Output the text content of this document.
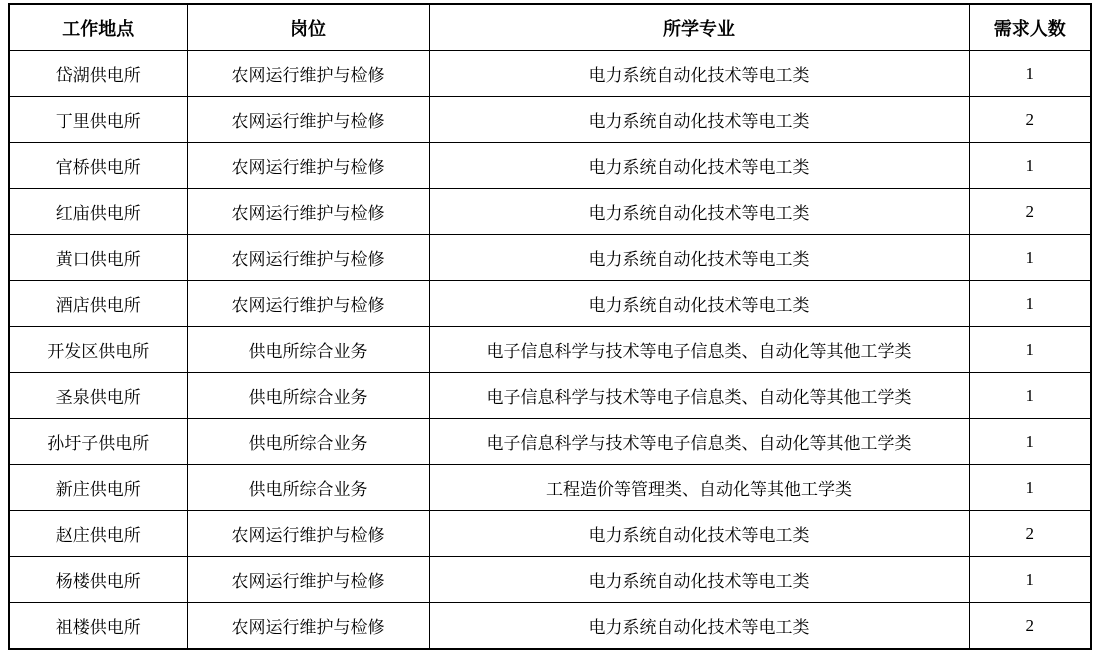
工作地点	岗位	所学专业	需求人数
岱湖供电所	农网运行维护与检修	电力系统自动化技术等电工类	1
丁里供电所	农网运行维护与检修	电力系统自动化技术等电工类	2
官桥供电所	农网运行维护与检修	电力系统自动化技术等电工类	1
红庙供电所	农网运行维护与检修	电力系统自动化技术等电工类	2
黄口供电所	农网运行维护与检修	电力系统自动化技术等电工类	1
酒店供电所	农网运行维护与检修	电力系统自动化技术等电工类	1
开发区供电所	供电所综合业务	电子信息科学与技术等电子信息类、自动化等其他工学类	1
圣泉供电所	供电所综合业务	电子信息科学与技术等电子信息类、自动化等其他工学类	1
孙圩子供电所	供电所综合业务	电子信息科学与技术等电子信息类、自动化等其他工学类	1
新庄供电所	供电所综合业务	工程造价等管理类、自动化等其他工学类	1
赵庄供电所	农网运行维护与检修	电力系统自动化技术等电工类	2
杨楼供电所	农网运行维护与检修	电力系统自动化技术等电工类	1
祖楼供电所	农网运行维护与检修	电力系统自动化技术等电工类	2
